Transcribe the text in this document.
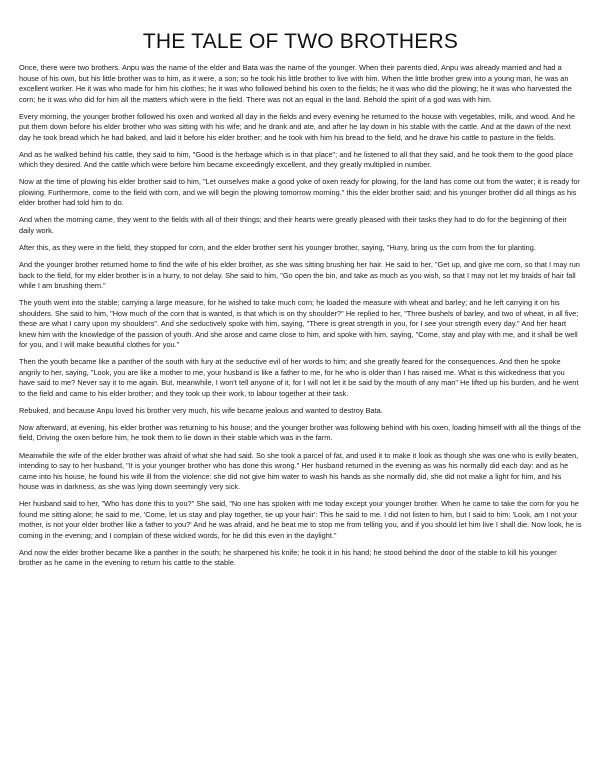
THE TALE OF TWO BROTHERS

Once, there were two brothers. Anpu was the name of the elder and Bata was the name of the younger. When their parents died, Anpu was already married and had a house of his own, but his little brother was to him, as it were, a son; so he took his little brother to live with him. When the little brother grew into a young man, he was an excellent worker. He it was who made for him his clothes; he it was who followed behind his oxen to the fields; he it was who did the plowing; he it was who harvested the corn; he it was who did for him all the matters which were in the field. There was not an equal in the land. Behold the spirit of a god was with him.

Every morning, the younger brother followed his oxen and worked all day in the fields and every evening he returned to the house with vegetables, milk, and wood. And he put them down before his elder brother who was sitting with his wife; and he drank and ate, and after he lay down in his stable with the cattle. And at the dawn of the next day he took bread which he had baked, and laid it before his elder brother; and he took with him his bread to the field, and he drave his cattle to pasture in the fields.

And as he walked behind his cattle, they said to him, "Good is the herbage which is in that place"; and he listened to all that they said, and he took them to the good place which they desired. And the cattle which were before him became exceedingly excellent, and they greatly multiplied in number.

Now at the time of plowing his elder brother said to him, "Let ourselves make a good yoke of oxen ready for plowing, for the land has come out from the water; it is ready for plowing. Furthermore, come to the field with corn, and we will begin the plowing tomorrow morning." this the elder brother said; and his younger brother did all things as his elder brother had told him to do.

And when the morning came, they went to the fields with all of their things; and their hearts were greatly pleased with their tasks they had to do for the beginning of their daily work.

After this, as they were in the field, they stopped for corn, and the elder brother sent his younger brother, saying, "Hurry, bring us the corn from the for planting.

And the younger brother returned home to find the wife of his elder brother, as she was sitting brushing her hair. He said to her, "Get up, and give me corn, so that I may run back to the field, for my elder brother is in a hurry, to not delay. She said to him, "Go open the bin, and take as much as you wish, so that I may not let my braids of hair fall while I am brushing them."

The youth went into the stable; carrying a large measure, for he wished to take much corn; he loaded the measure with wheat and barley; and he left carrying it on his shoulders. She said to him, "How much of the corn that is wanted, is that which is on thy shoulder?" He replied to her, "Three bushels of barley, and two of wheat, in all five; these are what I carry upon my shoulders". And she seductively spoke with him, saying, "There is great strength in you, for I see your strength every day." And her heart knew him with the knowledge of the passion of youth. And she arose and came close to him, and spoke with him, saying, "Come, stay and play with me, and it shall be well for you, and I will make beautiful clothes for you."

Then the youth became like a panther of the south with fury at the seductive evil of her words to him; and she greatly feared for the consequences. And then he spoke angrily to her, saying, "Look, you are like a mother to me, your husband is like a father to me, for he who is older than I has raised me. What is this wickedness that you have said to me? Never say it to me again. But, meanwhile, I won't tell anyone of it, for I will not let it be said by the mouth of any man" He lifted up his burden, and he went to the field and came to his elder brother; and they took up their work, to labour together at their task.

Rebuked, and because Anpu loved his brother very much, his wife became jealous and wanted to destroy Bata.

Now afterward, at evening, his elder brother was returning to his house; and the younger brother was following behind with his oxen, loading himself with all the things of the field, Driving the oxen before him, he took them to lie down in their stable which was in the farm.

Meanwhile the wife of the elder brother was afraid of what she had said. So she took a parcel of fat, and used it to make it look as though she was one who is evilly beaten, intending to say to her husband, "It is your younger brother who has done this wrong." Her husband returned in the evening as was his normally did each day: and as he came into his house, he found his wife ill from the violence: she did not give him water to wash his hands as she normally did, she did not make a light for him, and his house was in darkness, as she was lying down seemingly very sick.

Her husband said to her, "Who has done this to you?" She said, "No one has spoken with me today except your younger brother. When he came to take the corn for you he found me sitting alone; he said to me, 'Come, let us stay and play together, tie up your hair': This he said to me. I did not listen to him, but I said to him: 'Look, am I not your mother, is not your elder brother like a father to you?' And he was afraid, and he beat me to stop me from telling you, and if you should let him live I shall die. Now look, he is coming in the evening; and I complain of these wicked words, for he did this even in the daylight."

And now the elder brother became like a panther in the south; he sharpened his knife; he took it in his hand; he stood behind the door of the stable to kill his younger brother as he came in the evening to return his cattle to the stable.
